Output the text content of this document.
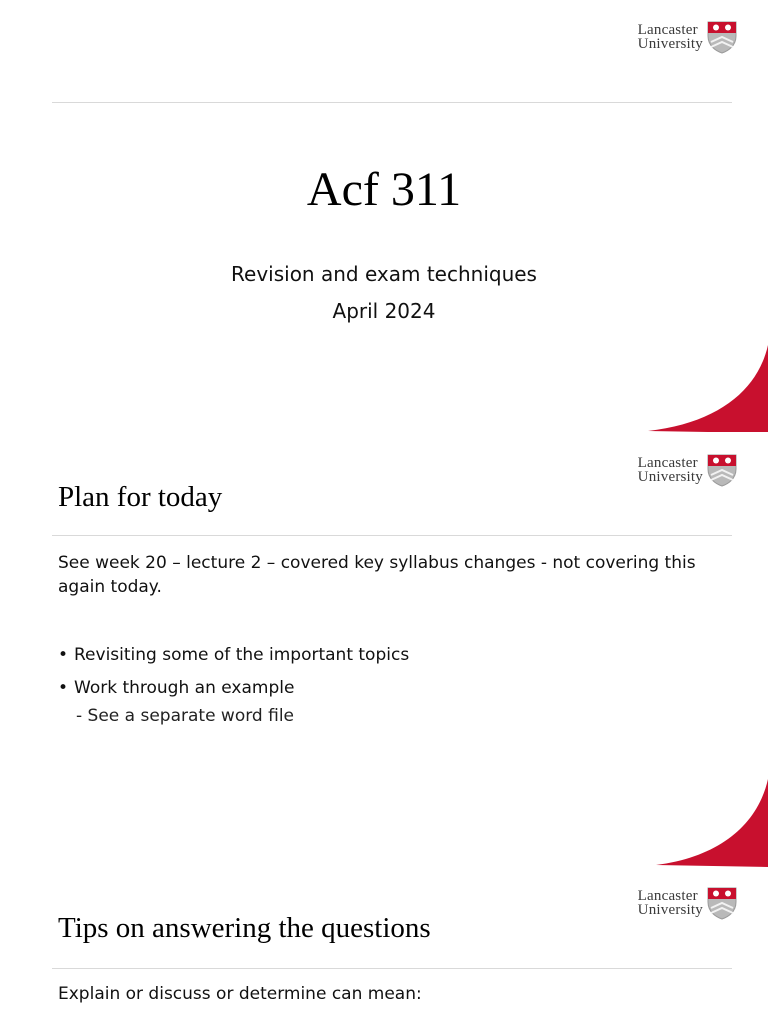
Lancaster
University
Acf 311
Revision and exam techniques
April 2024
Lancaster
University
Plan for today
See week 20 – lecture 2 – covered key syllabus changes - not covering this again today.
• Revisiting some of the important topics
• Work through an example
- See a separate word file
Lancaster
University
Tips on answering the questions
Explain or discuss or determine can mean:
